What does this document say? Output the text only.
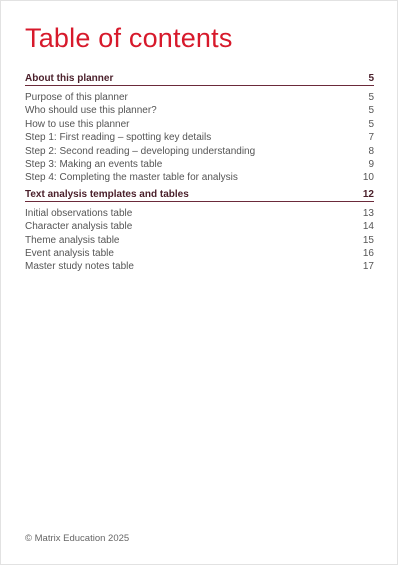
Table of contents
About this planner	5
Purpose of this planner	5
Who should use this planner?	5
How to use this planner	5
Step 1: First reading – spotting key details	7
Step 2: Second reading – developing understanding	8
Step 3: Making an events table	9
Step 4: Completing the master table for analysis	10
Text analysis templates and tables	12
Initial observations table	13
Character analysis table	14
Theme analysis table	15
Event analysis table	16
Master study notes table	17
© Matrix Education 2025
